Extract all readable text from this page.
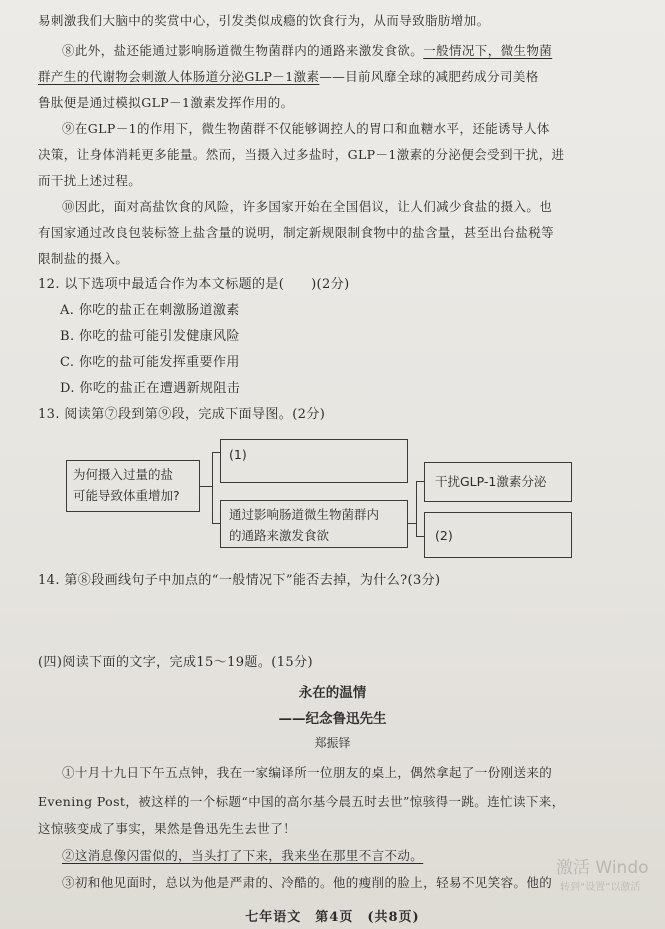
易刺激我们大脑中的奖赏中心，引发类似成瘾的饮食行为，从而导致脂肪增加。
⑧此外，盐还能通过影响肠道微生物菌群内的通路来激发食欲。一般情况下，微生物菌
群产生的代谢物会刺激人体肠道分泌GLP－1激素——目前风靡全球的减肥药成分司美格
鲁肽便是通过模拟GLP－1激素发挥作用的。
⑨在GLP－1的作用下，微生物菌群不仅能够调控人的胃口和血糖水平，还能诱导人体
决策，让身体消耗更多能量。然而，当摄入过多盐时，GLP－1激素的分泌便会受到干扰，进
而干扰上述过程。
⑩因此，面对高盐饮食的风险，许多国家开始在全国倡议，让人们减少食盐的摄入。也
有国家通过改良包装标签上盐含量的说明，制定新规限制食物中的盐含量，甚至出台盐税等
限制盐的摄入。
12. 以下选项中最适合作为本文标题的是(　　)(2分)
A. 你吃的盐正在刺激肠道激素
B. 你吃的盐可能引发健康风险
C. 你吃的盐可能发挥重要作用
D. 你吃的盐正在遭遇新规阻击
13. 阅读第⑦段到第⑨段，完成下面导图。(2分)
为何摄入过量的盐
可能导致体重增加?
(1)
通过影响肠道微生物菌群内
的通路来激发食欲
干扰GLP-1激素分泌
(2)
14. 第⑧段画线句子中加点的“一般情况下”能否去掉，为什么?(3分)
(四)阅读下面的文字，完成15～19题。(15分)
永在的温情
——纪念鲁迅先生
郑振铎
①十月十九日下午五点钟，我在一家编译所一位朋友的桌上，偶然拿起了一份刚送来的
Evening Post，被这样的一个标题“中国的高尔基今晨五时去世”惊骇得一跳。连忙读下来，
这惊骇变成了事实，果然是鲁迅先生去世了！
②这消息像闪雷似的，当头打了下来，我来坐在那里不言不动。
③初和他见面时，总以为他是严肃的、冷酷的。他的瘦削的脸上，轻易不见笑容。他的
七年语文　第4页　(共8页)
激活 Windo
转到“设置”以激活
